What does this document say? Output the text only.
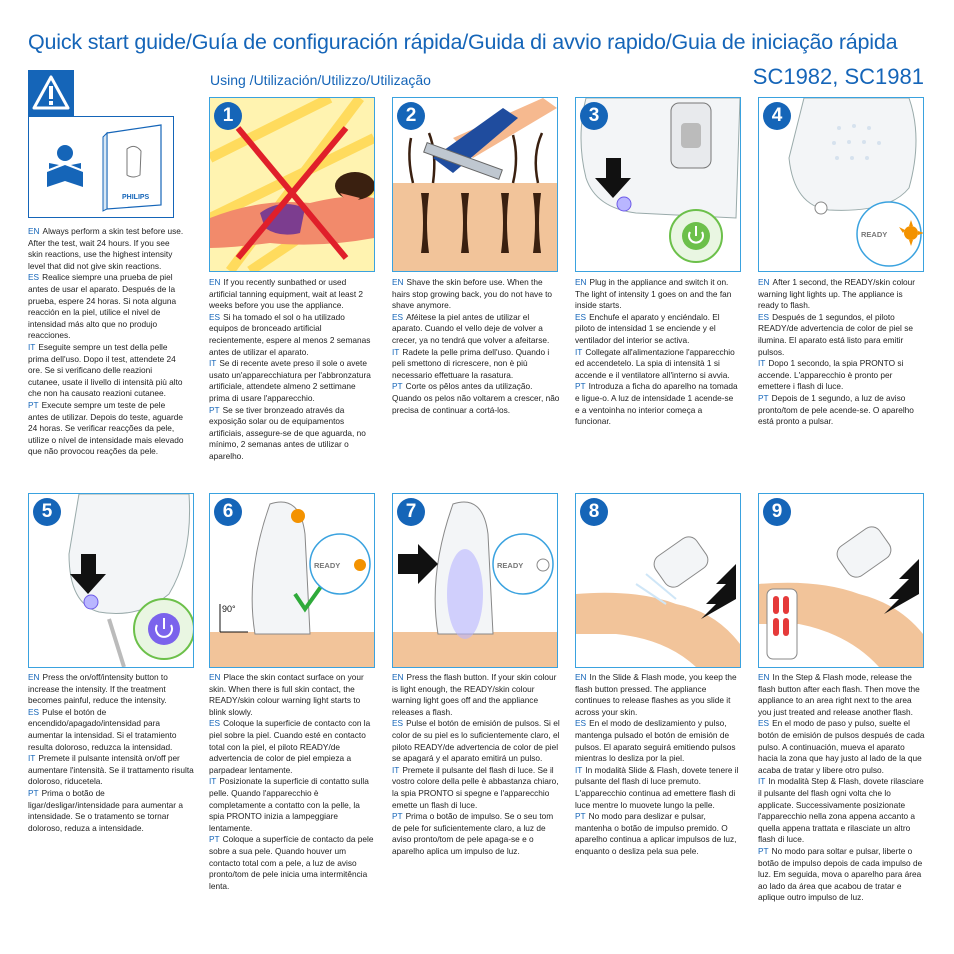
Quick start guide/Guía de configuración rápida/Guida di avvio rapido/Guia de iniciação rápida
Using /Utilización/Utilizzo/Utilização	SC1982, SC1981
PHILIPS

EN Always perform a skin test before use. After the test, wait 24 hours. If you see skin reactions, use the highest intensity level that did not give skin reactions.

ES Realice siempre una prueba de piel antes de usar el aparato. Después de la prueba, espere 24 horas. Si nota alguna reacción en la piel, utilice el nivel de intensidad más alto que no produjo reacciones.

IT Eseguite sempre un test della pelle prima dell'uso. Dopo il test, attendete 24 ore. Se si verificano delle reazioni cutanee, usate il livello di intensità più alto che non ha causato reazioni cutanee.

PT Execute sempre um teste de pele antes de utilizar. Depois do teste, aguarde 24 horas. Se verificar reacções da pele, utilize o nível de intensidade mais elevado que não provocou reações da pele.

1	2	3
READY
4
5
90°
READY
6
READY
7	8	9

EN If you recently sunbathed or used artificial tanning equipment, wait at least 2 weeks before you use the appliance.

ES Si ha tomado el sol o ha utilizado equipos de bronceado artificial recientemente, espere al menos 2 semanas antes de utilizar el aparato.

IT Se di recente avete preso il sole o avete usato un'apparecchiatura per l'abbronzatura artificiale, attendete almeno 2 settimane prima di usare l'apparecchio.

PT Se se tiver bronzeado através da exposição solar ou de equipamentos artificiais, assegure-se de que aguarda, no mínimo, 2 semanas antes de utilizar o aparelho.

EN Shave the skin before use. When the hairs stop growing back, you do not have to shave anymore.

ES Aféitese la piel antes de utilizar el aparato. Cuando el vello deje de volver a crecer, ya no tendrá que volver a afeitarse.

IT Radete la pelle prima dell'uso. Quando i peli smettono di ricrescere, non è più necessario effettuare la rasatura.

PT Corte os pêlos antes da utilização. Quando os pelos não voltarem a crescer, não precisa de continuar a cortá-los.

EN Plug in the appliance and switch it on. The light of intensity 1 goes on and the fan inside starts.

ES Enchufe el aparato y enciéndalo. El piloto de intensidad 1 se enciende y el ventilador del interior se activa.

IT Collegate all'alimentazione l'apparecchio ed accendetelo. La spia di intensità 1 si accende e il ventilatore all'interno si avvia.

PT Introduza a ficha do aparelho na tomada e ligue-o. A luz de intensidade 1 acende-se e a ventoinha no interior começa a funcionar.

EN After 1 second, the READY/skin colour warning light lights up. The appliance is ready to flash.

ES Después de 1 segundos, el piloto READY/de advertencia de color de piel se ilumina. El aparato está listo para emitir pulsos.

IT Dopo 1 secondo, la spia PRONTO si accende. L'apparecchio è pronto per emettere i flash di luce.

PT Depois de 1 segundo, a luz de aviso pronto/tom de pele acende-se. O aparelho está pronto a pulsar.

EN Press the on/off/intensity button to increase the intensity. If the treatment becomes painful, reduce the intensity.

ES Pulse el botón de encendido/apagado/intensidad para aumentar la intensidad. Si el tratamiento resulta doloroso, reduzca la intensidad.

IT Premete il pulsante intensità on/off per aumentare l'intensità. Se il trattamento risulta doloroso, riducetela.

PT Prima o botão de ligar/desligar/intensidade para aumentar a intensidade. Se o tratamento se tornar doloroso, reduza a intensidade.

EN Place the skin contact surface on your skin. When there is full skin contact, the READY/skin colour warning light starts to blink slowly.

ES Coloque la superficie de contacto con la piel sobre la piel. Cuando esté en contacto total con la piel, el piloto READY/de advertencia de color de piel empieza a parpadear lentamente.

IT Posizionate la superficie di contatto sulla pelle. Quando l'apparecchio è completamente a contatto con la pelle, la spia PRONTO inizia a lampeggiare lentamente.

PT Coloque a superfície de contacto da pele sobre a sua pele. Quando houver um contacto total com a pele, a luz de aviso pronto/tom de pele inicia uma intermitência lenta.

EN Press the flash button. If your skin colour is light enough, the READY/skin colour warning light goes off and the appliance releases a flash.

ES Pulse el botón de emisión de pulsos. Si el color de su piel es lo suficientemente claro, el piloto READY/de advertencia de color de piel se apagará y el aparato emitirá un pulso.

IT Premete il pulsante del flash di luce. Se il vostro colore della pelle è abbastanza chiaro, la spia PRONTO si spegne e l'apparecchio emette un flash di luce.

PT Prima o botão de impulso. Se o seu tom de pele for suficientemente claro, a luz de aviso pronto/tom de pele apaga-se e o aparelho aplica um impulso de luz.

EN In the Slide & Flash mode, you keep the flash button pressed. The appliance continues to release flashes as you slide it across your skin.

ES En el modo de deslizamiento y pulso, mantenga pulsado el botón de emisión de pulsos. El aparato seguirá emitiendo pulsos mientras lo desliza por la piel.

IT In modalità Slide & Flash, dovete tenere il pulsante del flash di luce premuto. L'apparecchio continua ad emettere flash di luce mentre lo muovete lungo la pelle.

PT No modo para deslizar e pulsar, mantenha o botão de impulso premido. O aparelho continua a aplicar impulsos de luz, enquanto o desliza pela sua pele.

EN In the Step & Flash mode, release the flash button after each flash. Then move the appliance to an area right next to the area you just treated and release another flash.

ES En el modo de paso y pulso, suelte el botón de emisión de pulsos después de cada pulso. A continuación, mueva el aparato hacia la zona que hay justo al lado de la que acaba de tratar y libere otro pulso.

IT In modalità Step & Flash, dovete rilasciare il pulsante del flash ogni volta che lo applicate. Successivamente posizionate l'apparecchio nella zona appena accanto a quella appena trattata e rilasciate un altro flash di luce.

PT No modo para soltar e pulsar, liberte o botão de impulso depois de cada impulso de luz. Em seguida, mova o aparelho para área ao lado da área que acabou de tratar e aplique outro impulso de luz.
